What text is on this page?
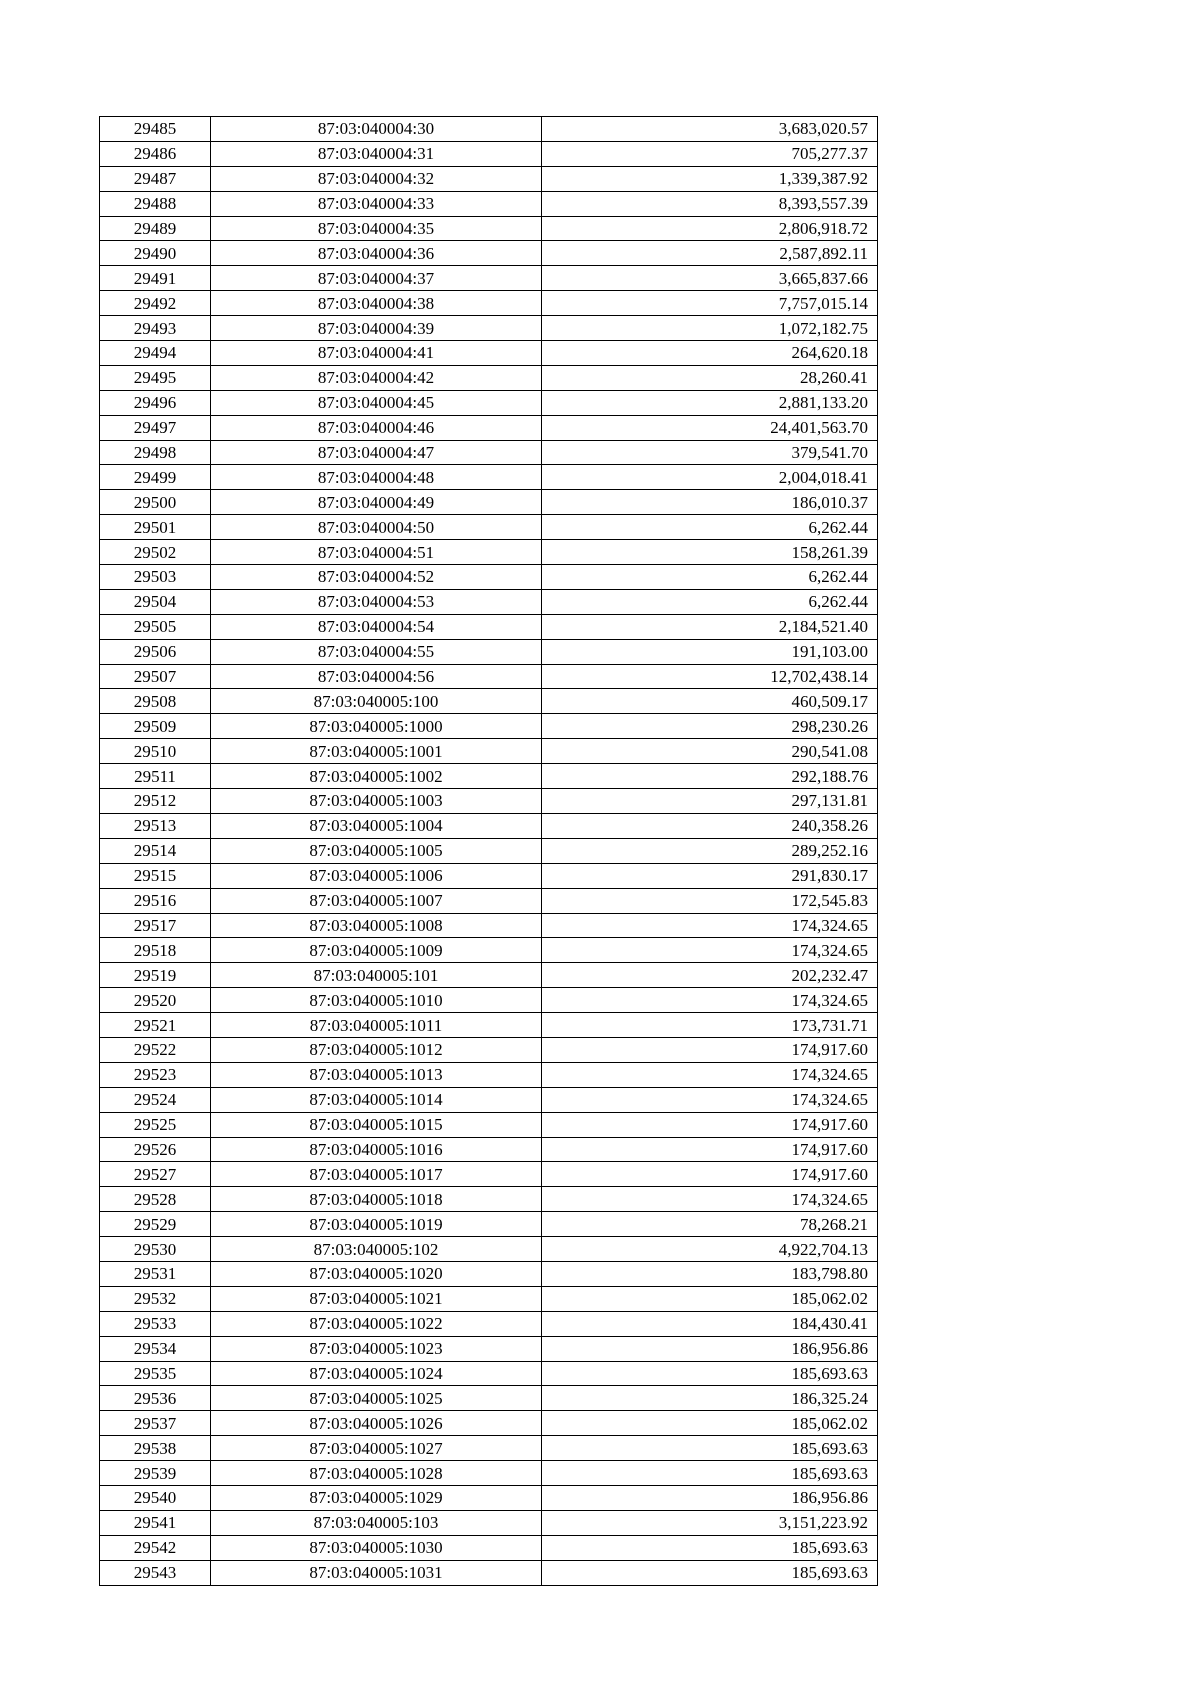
29485	87:03:040004:30	3,683,020.57
29486	87:03:040004:31	705,277.37
29487	87:03:040004:32	1,339,387.92
29488	87:03:040004:33	8,393,557.39
29489	87:03:040004:35	2,806,918.72
29490	87:03:040004:36	2,587,892.11
29491	87:03:040004:37	3,665,837.66
29492	87:03:040004:38	7,757,015.14
29493	87:03:040004:39	1,072,182.75
29494	87:03:040004:41	264,620.18
29495	87:03:040004:42	28,260.41
29496	87:03:040004:45	2,881,133.20
29497	87:03:040004:46	24,401,563.70
29498	87:03:040004:47	379,541.70
29499	87:03:040004:48	2,004,018.41
29500	87:03:040004:49	186,010.37
29501	87:03:040004:50	6,262.44
29502	87:03:040004:51	158,261.39
29503	87:03:040004:52	6,262.44
29504	87:03:040004:53	6,262.44
29505	87:03:040004:54	2,184,521.40
29506	87:03:040004:55	191,103.00
29507	87:03:040004:56	12,702,438.14
29508	87:03:040005:100	460,509.17
29509	87:03:040005:1000	298,230.26
29510	87:03:040005:1001	290,541.08
29511	87:03:040005:1002	292,188.76
29512	87:03:040005:1003	297,131.81
29513	87:03:040005:1004	240,358.26
29514	87:03:040005:1005	289,252.16
29515	87:03:040005:1006	291,830.17
29516	87:03:040005:1007	172,545.83
29517	87:03:040005:1008	174,324.65
29518	87:03:040005:1009	174,324.65
29519	87:03:040005:101	202,232.47
29520	87:03:040005:1010	174,324.65
29521	87:03:040005:1011	173,731.71
29522	87:03:040005:1012	174,917.60
29523	87:03:040005:1013	174,324.65
29524	87:03:040005:1014	174,324.65
29525	87:03:040005:1015	174,917.60
29526	87:03:040005:1016	174,917.60
29527	87:03:040005:1017	174,917.60
29528	87:03:040005:1018	174,324.65
29529	87:03:040005:1019	78,268.21
29530	87:03:040005:102	4,922,704.13
29531	87:03:040005:1020	183,798.80
29532	87:03:040005:1021	185,062.02
29533	87:03:040005:1022	184,430.41
29534	87:03:040005:1023	186,956.86
29535	87:03:040005:1024	185,693.63
29536	87:03:040005:1025	186,325.24
29537	87:03:040005:1026	185,062.02
29538	87:03:040005:1027	185,693.63
29539	87:03:040005:1028	185,693.63
29540	87:03:040005:1029	186,956.86
29541	87:03:040005:103	3,151,223.92
29542	87:03:040005:1030	185,693.63
29543	87:03:040005:1031	185,693.63
